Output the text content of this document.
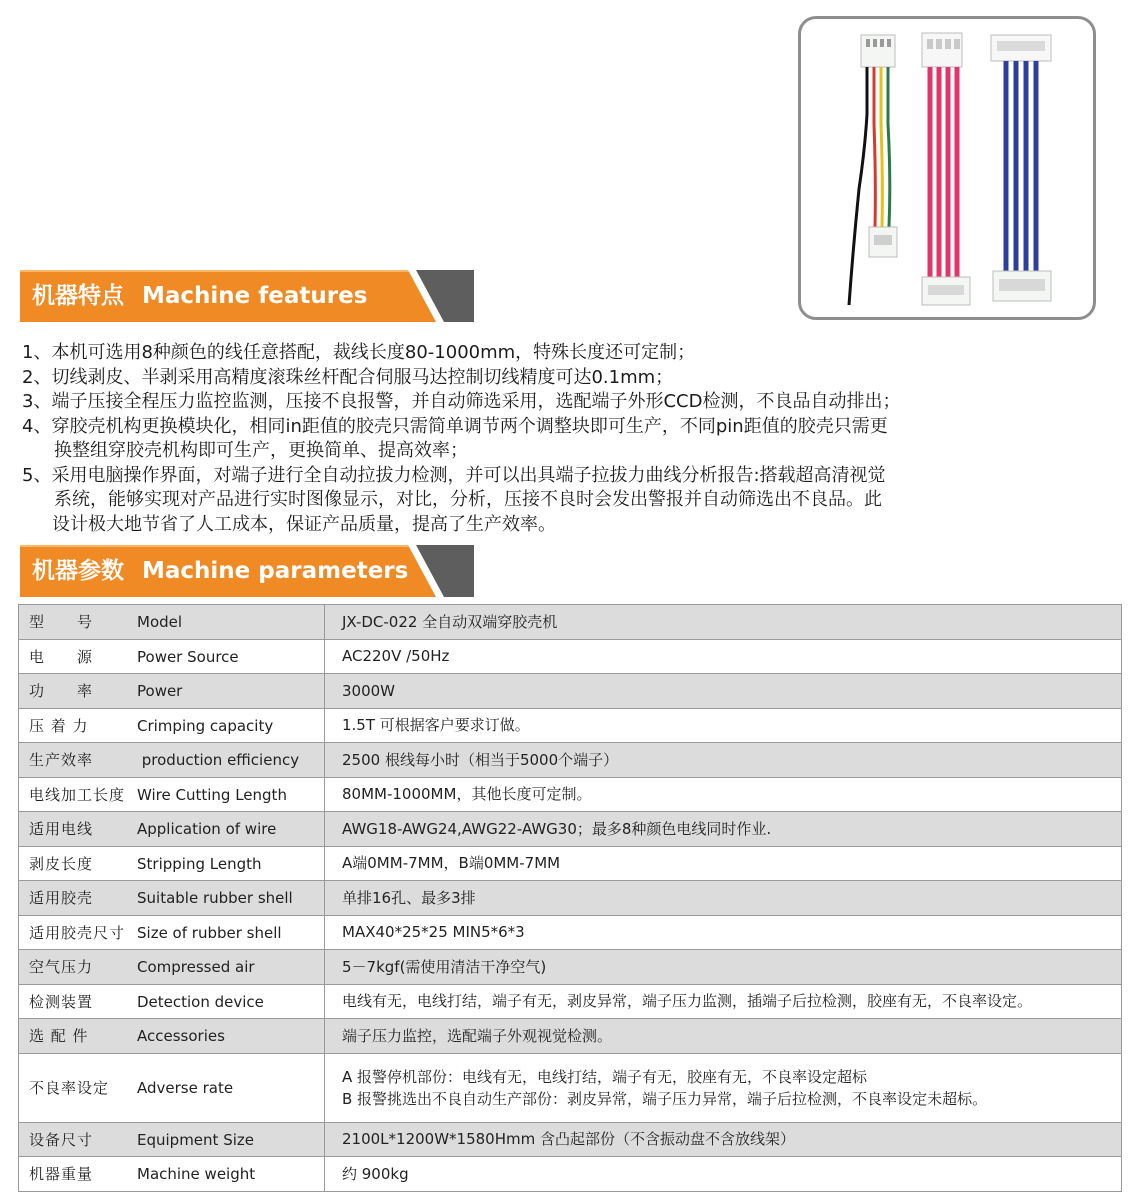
机器特点 Machine features
1、本机可选用8种颜色的线任意搭配，裁线长度80-1000mm，特殊长度还可定制；
2、切线剥皮、半剥采用高精度滚珠丝杆配合伺服马达控制切线精度可达0.1mm；
3、端子压接全程压力监控监测，压接不良报警，并自动筛选采用，选配端子外形CCD检测，不良品自动排出；
4、穿胶壳机构更换模块化，相同in距值的胶壳只需简单调节两个调整块即可生产，不同pin距值的胶壳只需更
换整组穿胶壳机构即可生产，更换简单、提高效率；
5、采用电脑操作界面，对端子进行全自动拉拔力检测，并可以出具端子拉拔力曲线分析报告:搭载超高清视觉
系统，能够实现对产品进行实时图像显示，对比，分析，压接不良时会发出警报并自动筛选出不良品。此
设计极大地节省了人工成本，保证产品质量，提高了生产效率。
机器参数 Machine parameters
型　　号 Model	JX-DC-022 全自动双端穿胶壳机

电　　源 Power Source	AC220V /50Hz

功　　率 Power	3000W

压 着 力 Crimping capacity	1.5T 可根据客户要求订做。

生产效率 production efficiency	2500 根线每小时（相当于5000个端子）

电线加工长度 Wire Cutting Length	80MM-1000MM，其他长度可定制。

适用电线 Application of wire	AWG18-AWG24,AWG22-AWG30；最多8种颜色电线同时作业.

剥皮长度 Stripping Length	A端0MM-7MM，B端0MM-7MM

适用胶壳 Suitable rubber shell	单排16孔、最多3排

适用胶壳尺寸 Size of rubber shell	MAX40*25*25 MIN5*6*3

空气压力 Compressed air	5－7kgf(需使用清洁干净空气)

检测装置 Detection device	电线有无，电线打结，端子有无，剥皮异常，端子压力监测，插端子后拉检测，胶座有无，不良率设定。

选 配 件 Accessories	端子压力监控，选配端子外观视觉检测。

不良率设定 Adverse rate	A 报警停机部份：电线有无，电线打结，端子有无，胶座有无，不良率设定超标
B 报警挑选出不良自动生产部份：剥皮异常，端子压力异常，端子后拉检测，不良率设定未超标。

设备尺寸 Equipment Size	2100L*1200W*1580Hmm 含凸起部份（不含振动盘不含放线架）

机器重量 Machine weight	约 900kg
